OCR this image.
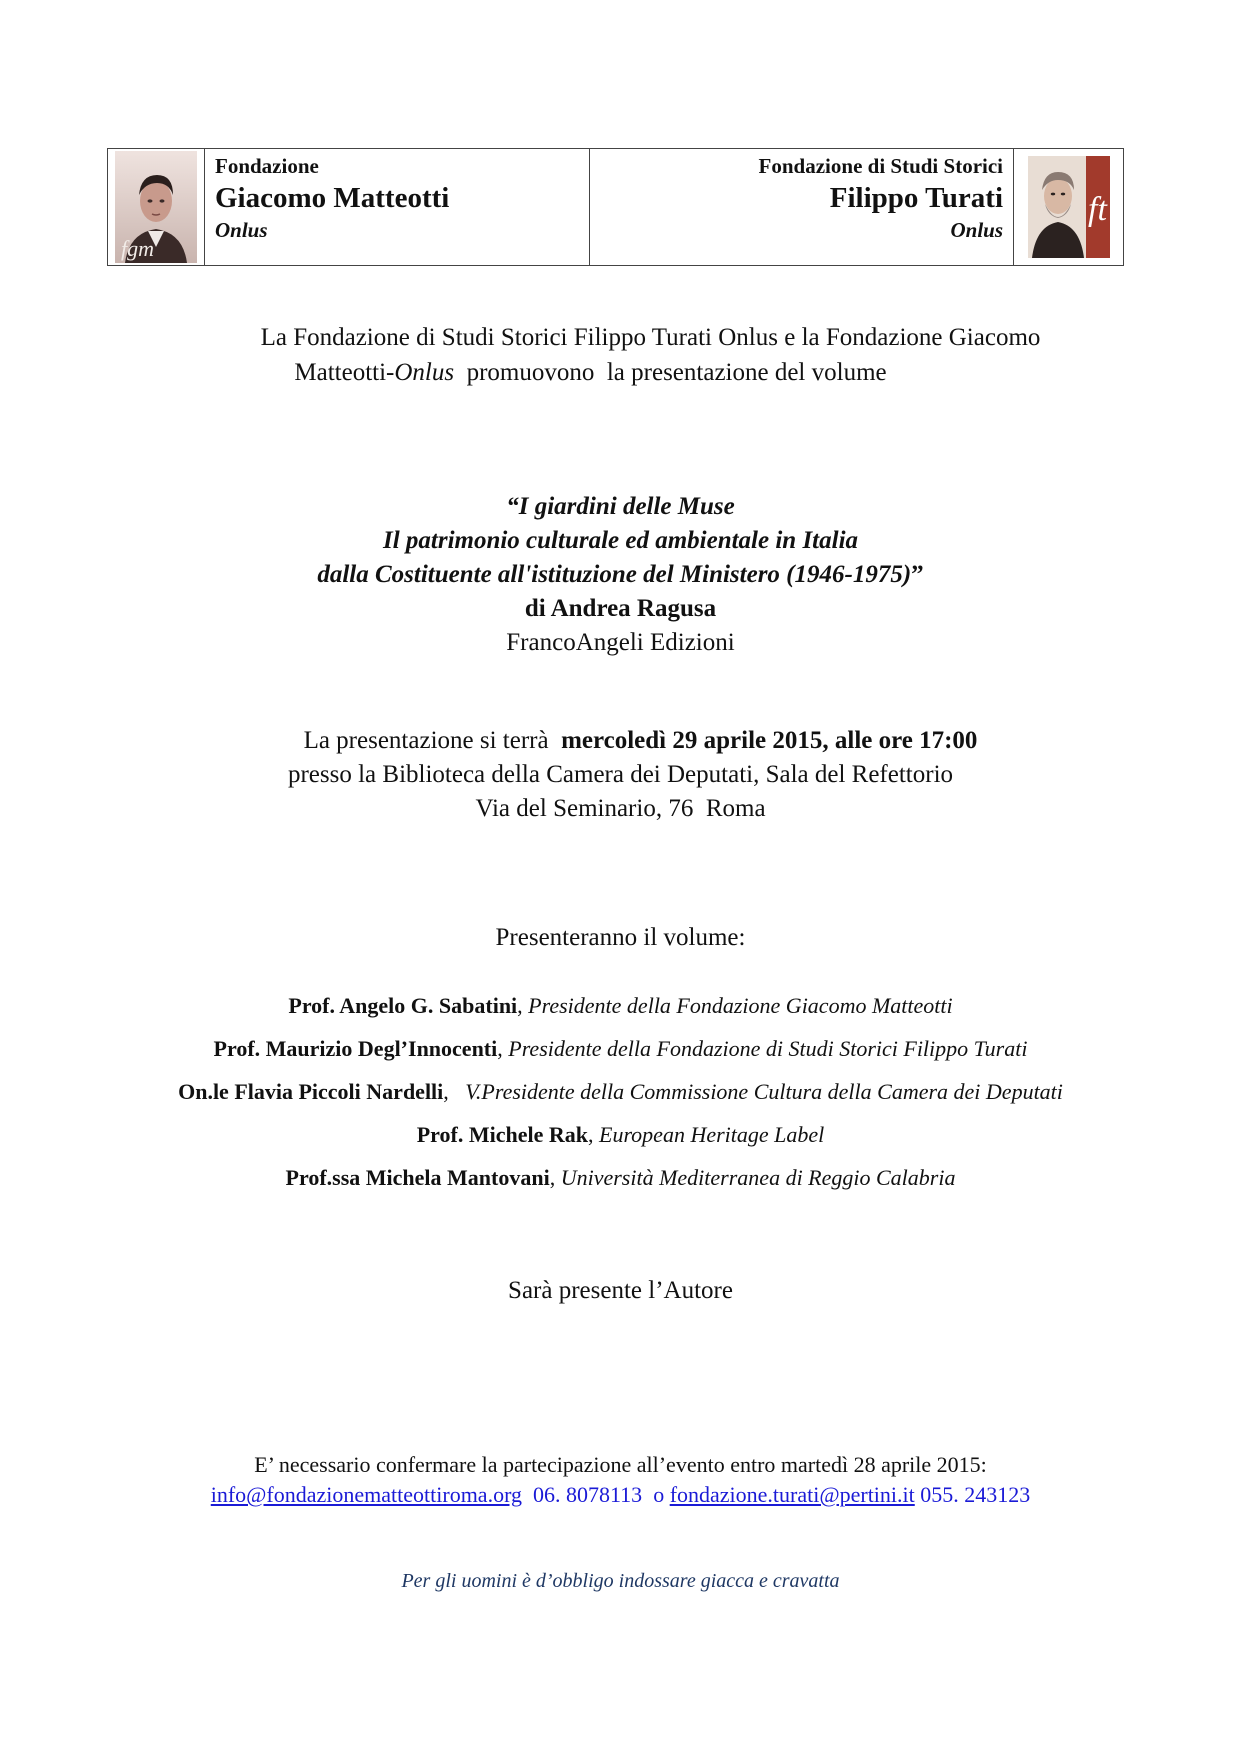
fgm
Fondazione
Giacomo Matteotti
Onlus
Fondazione di Studi Storici
Filippo Turati
Onlus
ft
La Fondazione di Studi Storici Filippo Turati Onlus e la Fondazione Giacomo
Matteotti-Onlus  promuovono  la presentazione del volume
“I giardini delle Muse
Il patrimonio culturale ed ambientale in Italia
dalla Costituente all'istituzione del Ministero (1946-1975)”
di Andrea Ragusa
FrancoAngeli Edizioni
La presentazione si terrà  mercoledì 29 aprile 2015, alle ore 17:00
presso la Biblioteca della Camera dei Deputati, Sala del Refettorio
Via del Seminario, 76  Roma
Presenteranno il volume:
Prof. Angelo G. Sabatini, Presidente della Fondazione Giacomo Matteotti
Prof. Maurizio Degl’Innocenti, Presidente della Fondazione di Studi Storici Filippo Turati
On.le Flavia Piccoli Nardelli,   V.Presidente della Commissione Cultura della Camera dei Deputati
Prof. Michele Rak, European Heritage Label
Prof.ssa Michela Mantovani, Università Mediterranea di Reggio Calabria
Sarà presente l’Autore
E’ necessario confermare la partecipazione all’evento entro martedì 28 aprile 2015:
info@fondazionematteottiroma.org  06. 8078113  o fondazione.turati@pertini.it 055. 243123
Per gli uomini è d’obbligo indossare giacca e cravatta
